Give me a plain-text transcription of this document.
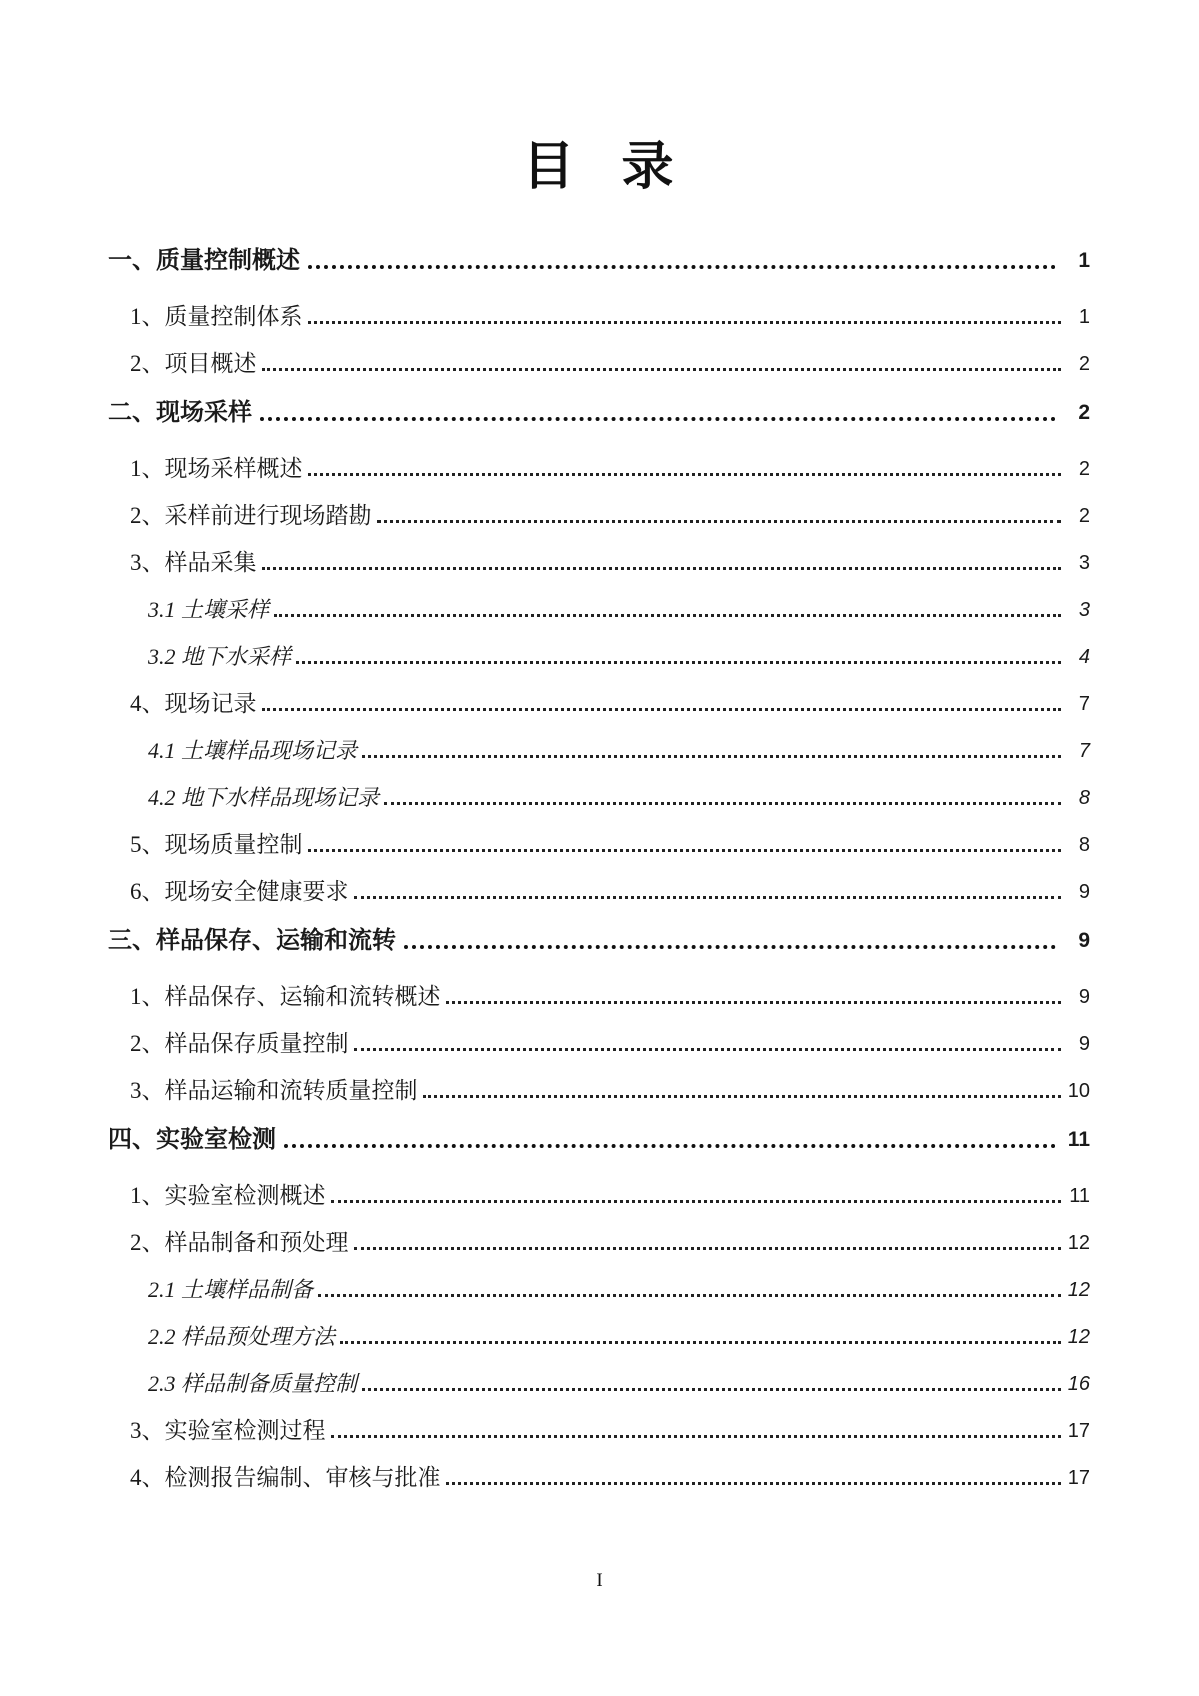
目   录
一、质量控制概述	1
1、质量控制体系	1
2、项目概述	2
二、现场采样	2
1、现场采样概述	2
2、采样前进行现场踏勘	2
3、样品采集	3
3.1 土壤采样	3
3.2 地下水采样	4
4、现场记录	7
4.1 土壤样品现场记录	7
4.2 地下水样品现场记录	8
5、现场质量控制	8
6、现场安全健康要求	9
三、样品保存、运输和流转	9
1、样品保存、运输和流转概述	9
2、样品保存质量控制	9
3、样品运输和流转质量控制	10
四、实验室检测	11
1、实验室检测概述	11
2、样品制备和预处理	12
2.1 土壤样品制备	12
2.2 样品预处理方法	12
2.3 样品制备质量控制	16
3、实验室检测过程	17
4、检测报告编制、审核与批准	17
I
